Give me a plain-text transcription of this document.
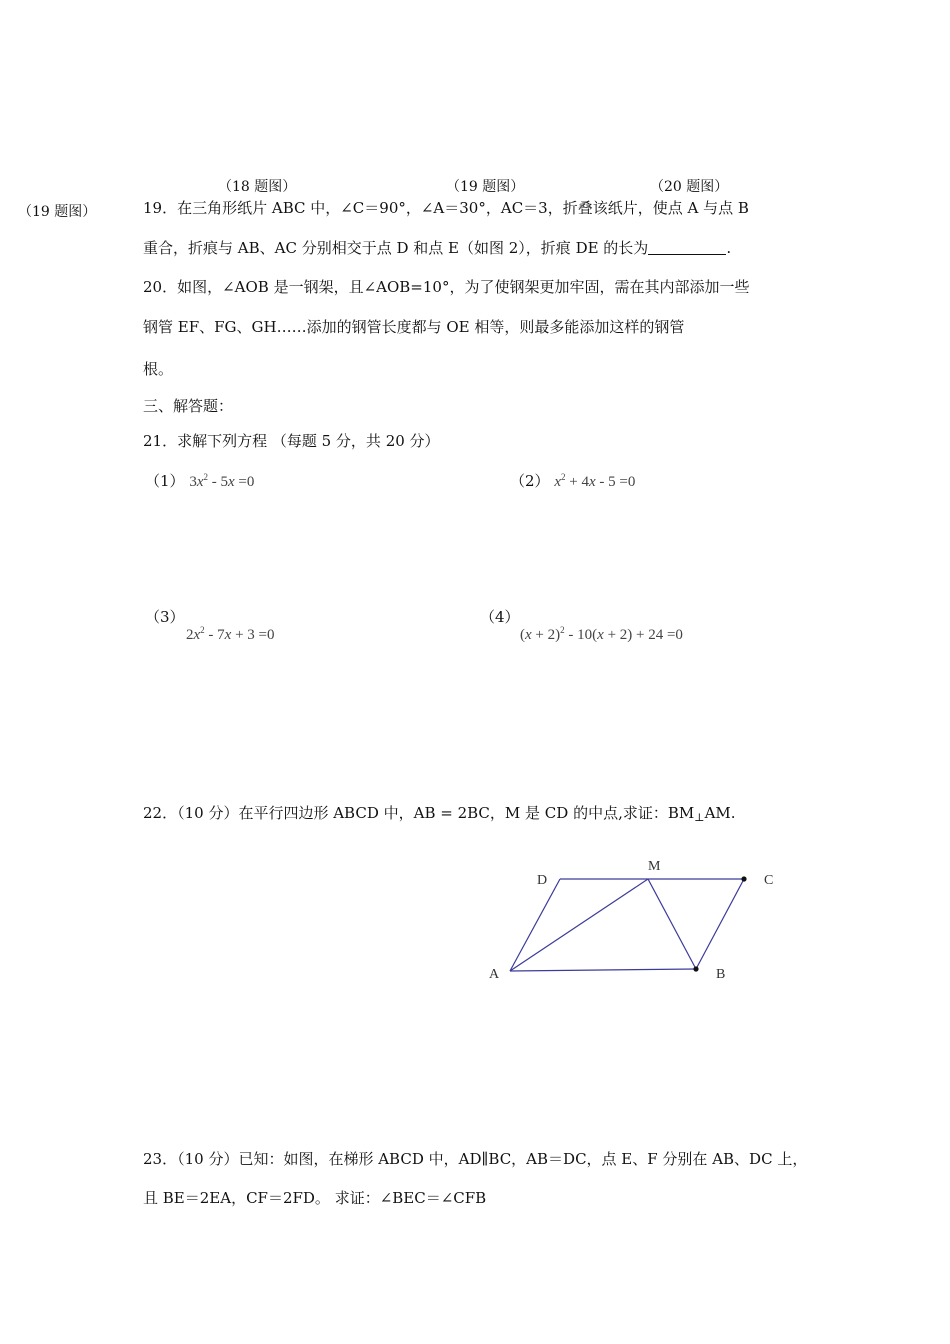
（18 题图）	（19 题图）	（20 题图）
（19 题图）	19．在三角形纸片 ABC 中，∠C＝90°，∠A＝30°，AC＝3，折叠该纸片，使点 A 与点 B
重合，折痕与 AB、AC 分别相交于点 D 和点 E（如图 2），折痕 DE 的长为	.
20．如图，∠AOB 是一钢架，且∠AOB=10°，为了使钢架更加牢固，需在其内部添加一些
钢管 EF、FG、GH……添加的钢管长度都与 OE 相等，则最多能添加这样的钢管
根。
三、解答题：
21．求解下列方程 （每题 5 分，共 20 分）
（1） $3x^2 - 5x =0$	（2） $x^2 + 4x - 5 =0$
（3）
$2x^2 - 7x + 3 =0$
（4）
$(x + 2)^2 - 10(x + 2) + 24 =0$
22．（10 分）在平行四边形 ABCD 中，AB = 2BC，M 是 CD 的中点,求证：$BM_\perp AM$.
D
M
C
A	B
23．（10 分）已知：如图，在梯形 ABCD 中，AD∥BC，AB＝DC，点 E、F 分别在 AB、DC 上，
且 BE＝2EA，CF＝2FD。 求证：∠BEC＝∠CFB
